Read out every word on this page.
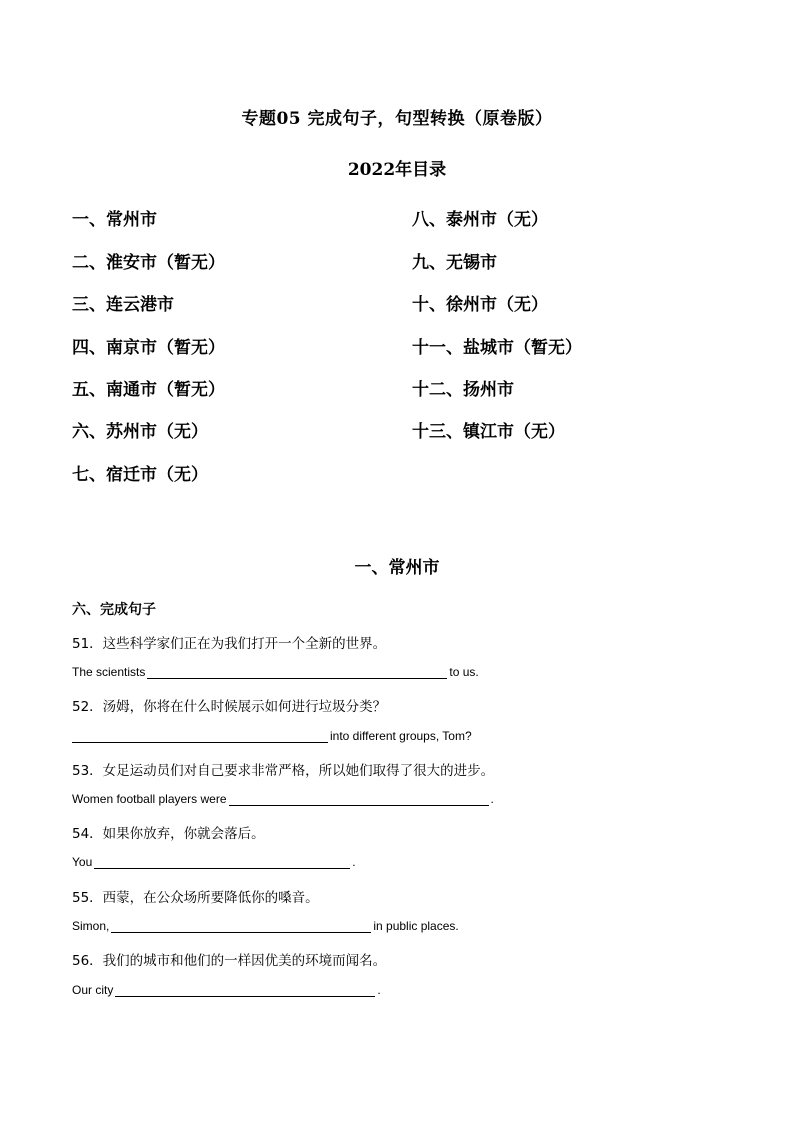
专题05 完成句子，句型转换（原卷版）
2022年目录
一、常州市
二、淮安市（暂无）
三、连云港市
四、南京市（暂无）
五、南通市（暂无）
六、苏州市（无）
七、宿迁市（无）
八、泰州市（无）
九、无锡市
十、徐州市（无）
十一、盐城市（暂无）
十二、扬州市
十三、镇江市（无）
一、常州市
六、完成句子
51．这些科学家们正在为我们打开一个全新的世界。
The scientists	to us.
52．汤姆，你将在什么时候展示如何进行垃圾分类？
into different groups, Tom?
53．女足运动员们对自己要求非常严格，所以她们取得了很大的进步。
Women football players were	.
54．如果你放弃，你就会落后。
You	.
55．西蒙，在公众场所要降低你的嗓音。
Simon,	in public places.
56．我们的城市和他们的一样因优美的环境而闻名。
Our city	.
